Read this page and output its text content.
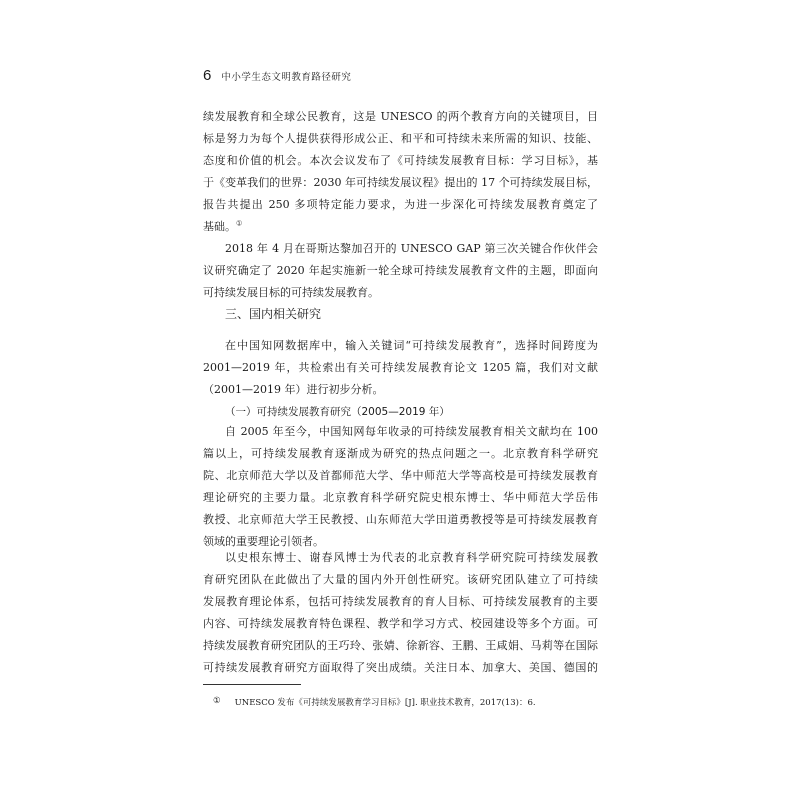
6 中小学生态文明教育路径研究
续发展教育和全球公民教育，这是 UNESCO 的两个教育方向的关键项目，目
标是努力为每个人提供获得形成公正、和平和可持续未来所需的知识、技能、
态度和价值的机会。本次会议发布了《可持续发展教育目标：学习目标》，基
于《变革我们的世界：2030 年可持续发展议程》提出的 17 个可持续发展目标，
报告共提出 250 多项特定能力要求，为进一步深化可持续发展教育奠定了
基础。①
2018 年 4 月在哥斯达黎加召开的 UNESCO GAP 第三次关键合作伙伴会
议研究确定了 2020 年起实施新一轮全球可持续发展教育文件的主题，即面向
可持续发展目标的可持续发展教育。
三、国内相关研究
在中国知网数据库中，输入关键词“可持续发展教育”，选择时间跨度为
2001—2019 年，共检索出有关可持续发展教育论文 1205 篇，我们对文献
（2001—2019 年）进行初步分析。
（一）可持续发展教育研究（2005—2019 年）
自 2005 年至今，中国知网每年收录的可持续发展教育相关文献均在 100
篇以上，可持续发展教育逐渐成为研究的热点问题之一。北京教育科学研究
院、北京师范大学以及首都师范大学、华中师范大学等高校是可持续发展教育
理论研究的主要力量。北京教育科学研究院史根东博士、华中师范大学岳伟
教授、北京师范大学王民教授、山东师范大学田道勇教授等是可持续发展教育
领域的重要理论引领者。
以史根东博士、谢春风博士为代表的北京教育科学研究院可持续发展教
育研究团队在此做出了大量的国内外开创性研究。该研究团队建立了可持续
发展教育理论体系，包括可持续发展教育的育人目标、可持续发展教育的主要
内容、可持续发展教育特色课程、教学和学习方式、校园建设等多个方面。可
持续发展教育研究团队的王巧玲、张婧、徐新容、王鹏、王咸娟、马莉等在国际
可持续发展教育研究方面取得了突出成绩。关注日本、加拿大、美国、德国的
① UNESCO 发布《可持续发展教育学习目标》[J]. 职业技术教育，2017(13)：6.
